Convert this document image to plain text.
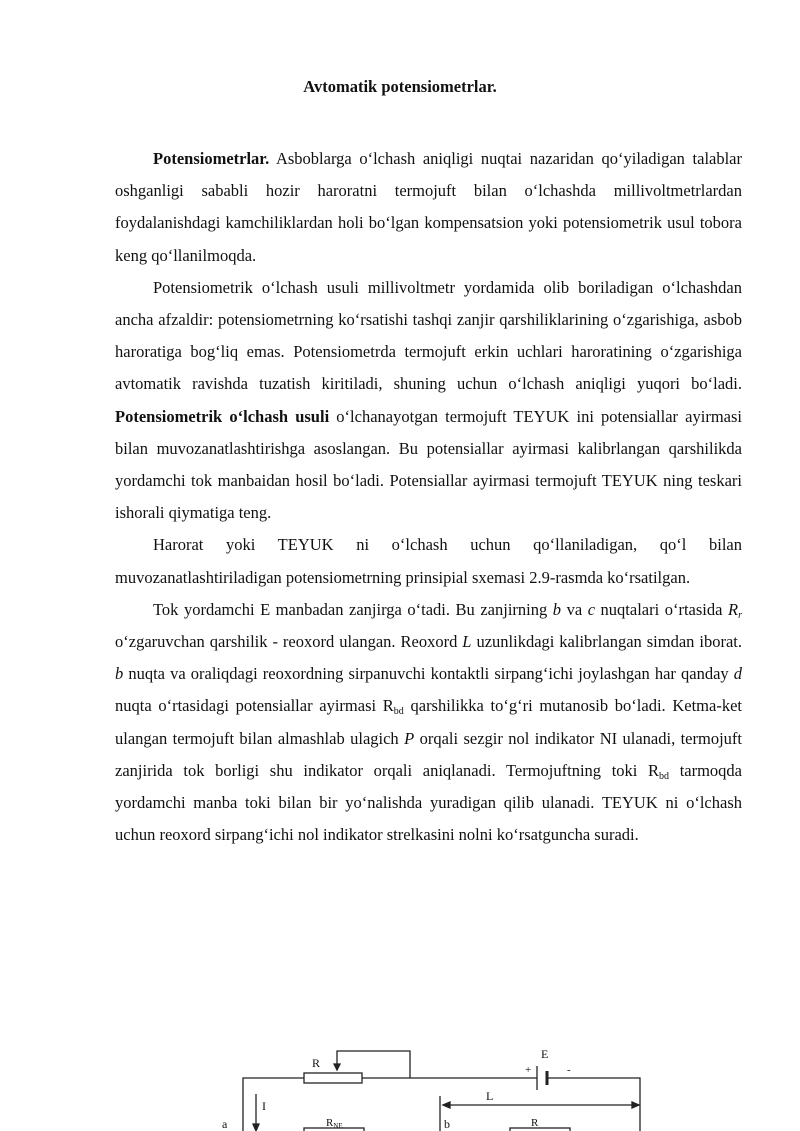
Avtomatik potensiometrlar.

Potensiometrlar. Asboblarga o‘lchash aniqligi nuqtai nazaridan qo‘yiladigan talablar oshganligi sababli hozir haroratni termojuft bilan o‘lchashda millivoltmetrlardan foydalanishdagi kamchiliklardan holi bo‘lgan kompensatsion yoki potensiometrik usul tobora keng qo‘llanilmoqda.

Potensiometrik o‘lchash usuli millivoltmetr yordamida olib boriladigan o‘lchashdan ancha afzaldir: potensiometrning ko‘rsatishi tashqi zanjir qarshiliklarining o‘zgarishiga, asbob haroratiga bog‘liq emas. Potensiometrda termojuft erkin uchlari haroratining o‘zgarishiga avtomatik ravishda tuzatish kiritiladi, shuning uchun o‘lchash aniqligi yuqori bo‘ladi. Potensiometrik o‘lchash usuli o‘lchanayotgan termojuft TEYUK ini potensiallar ayirmasi bilan muvozanatlashtirishga asoslangan. Bu potensiallar ayirmasi kalibrlangan qarshilikda yordamchi tok manbaidan hosil bo‘ladi. Potensiallar ayirmasi termojuft TEYUK ning teskari ishorali qiymatiga teng.

Harorat yoki TEYUK ni o‘lchash uchun qo‘llaniladigan, qo‘l bilan muvozanatlashtiriladigan potensiometrning prinsipial sxemasi 2.9-rasmda ko‘rsatilgan.

Tok yordamchi E manbadan zanjirga o‘tadi. Bu zanjirning b va c nuqtalari o‘rtasida $R_r$ o‘zgaruvchan qarshilik - reoxord ulangan. Reoxord L uzunlikdagi kalibrlangan simdan iborat. b nuqta va oraliqdagi reoxordning sirpanuvchi kontaktli sirpang‘ichi joylashgan har qanday d nuqta o‘rtasidagi potensiallar ayirmasi $R_{bd}$ qarshilikka to‘g‘ri mutanosib bo‘ladi. Ketma-ket ulangan termojuft bilan almashlab ulagich P orqali sezgir nol indikator NI ulanadi, termojuft zanjirida tok borligi shu indikator orqali aniqlanadi. Termojuftning toki $R_{bd}$ tarmoqda yordamchi manba toki bilan bir yo‘nalishda yuradigan qilib ulanadi. TEYUK ni o‘lchash uchun reoxord sirpang‘ichi nol indikator strelkasini nolni ko‘rsatguncha suradi.

R
E
+	-
I
L
a	RNE	b	R
